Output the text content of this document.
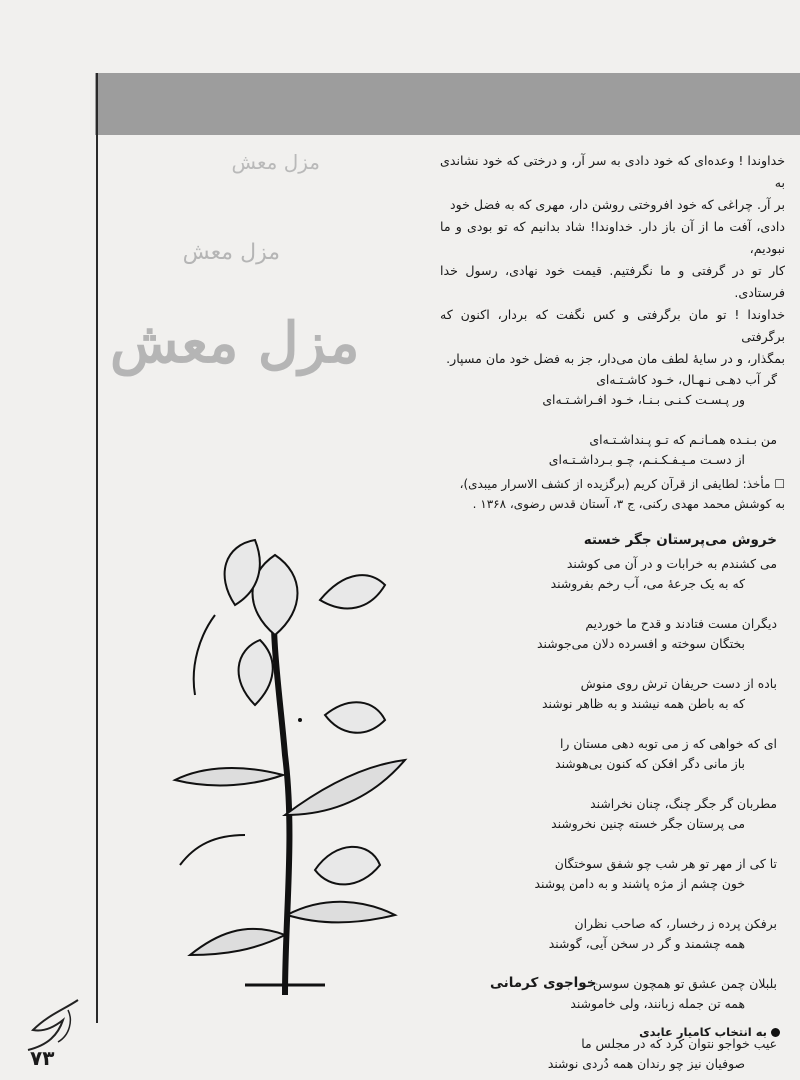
مزل معش
مزل معش
مزل معش

خداوندا ! وعده‌ای که خود دادی به سر آر، و درختی که خود نشاندی به

بر آر. چراغی که خود افروختی روشن دار، مهری که به فضل خود

دادی، آفت ما از آن باز دار. خداوندا! شاد بدانیم که تو بودی و ما نبودیم،

کار تو در گرفتی و ما نگرفتیم. قیمت خود نهادی، رسول خدا فرستادی.

خداوندا ! تو مان برگرفتی و کس نگفت که بردار، اکنون که برگرفتی

بمگذار، و در سایهٔ لطف مان می‌دار، جز به فضل خود مان مسپار.

گر آب دهـی نـهـال، خـود کاشـتـه‌ای
ور پـسـت کـنـی بـنـا، خـود افـراشـتـه‌ای
من بـنـده همـانـم که تـو پـنداشـتـه‌ای
از دسـت مـیـفـکـنـم، چـو بـرداشـتـه‌ای
☐ مأخذ: لطایفی از قرآن کریم (برگزیده از کشف الاسرار میبدی)،
به کوشش محمد مهدی رکنی، ج ۳، آستان قدس رضوی، ۱۳۶۸ .
خروش می‌پرستان جگر خسته
می کشندم به خرابات و در آن می کوشند
که به یک جرعهٔ می، آب رخم بفروشند
دیگران مست فتادند و قدح ما خوردیم
بختگان سوخته و افسرده دلان می‌جوشند
باده از دست حریفان ترش روی منوش
که به باطن همه نیشند و به ظاهر نوشند
ای که خواهی که ز می توبه دهی مستان را
باز مانی دگر افکن که کنون بی‌هوشند
مطربان گر جگر چنگ، چنان نخراشند
می پرستان جگر خسته چنین نخروشند
تا کی از مهر تو هر شب چو شفق سوختگان
خون چشم از مژه پاشند و به دامن پوشند
برفکن پرده ز رخسار، که صاحب نظران
همه چشمند و گر در سخن آیی، گوشند
بلبلان چمن عشق تو همچون سوسن
همه تن جمله زبانند، ولی خاموشند
عیب خواجو نتوان کرد که در مجلس ما
صوفیان نیز چو رندان همه دُردی نوشند
خواجوی کرمانی
به انتخاب کامیار عابدی
۷۳
